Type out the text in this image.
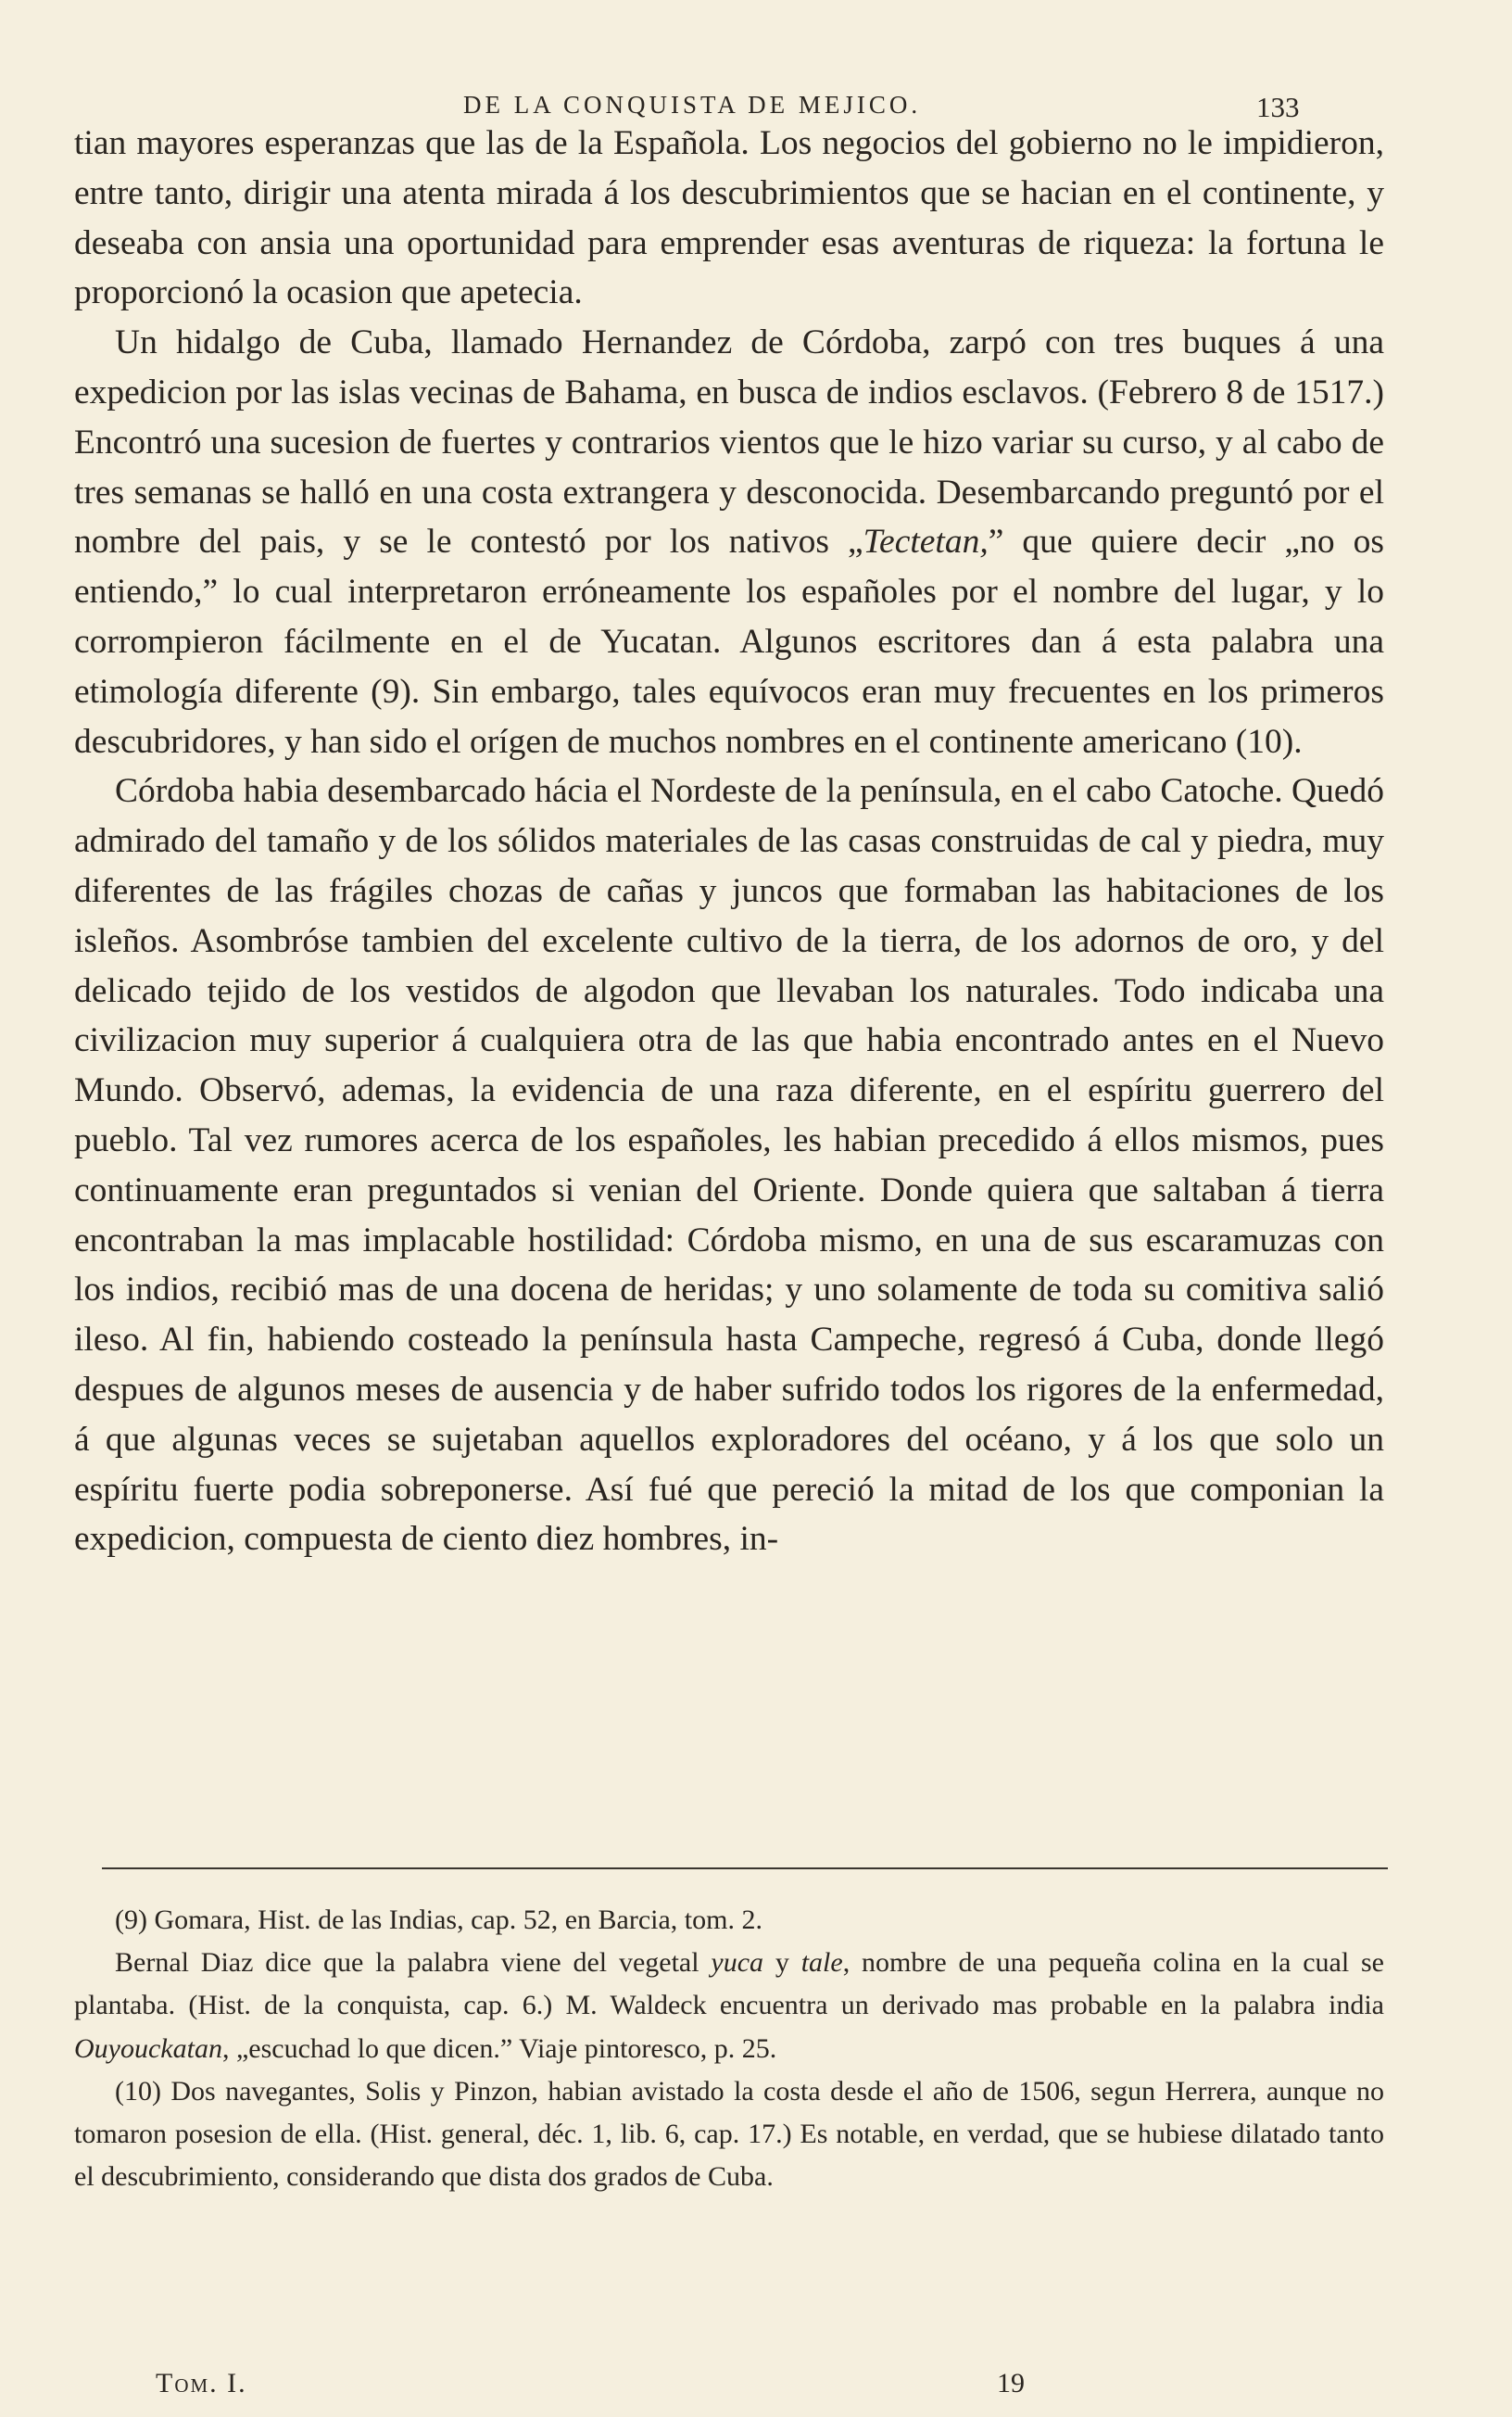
DE LA CONQUISTA DE MEJICO.	133

tian mayores esperanzas que las de la Española. Los negocios del gobierno no le impidieron, entre tanto, dirigir una atenta mirada á los descubrimientos que se hacian en el continente, y deseaba con ansia una oportunidad para emprender esas aventuras de riqueza: la fortuna le proporcionó la ocasion que apetecia.

Un hidalgo de Cuba, llamado Hernandez de Córdoba, zarpó con tres buques á una expedicion por las islas vecinas de Bahama, en busca de indios esclavos. (Febrero 8 de 1517.) Encontró una sucesion de fuertes y contrarios vientos que le hizo variar su curso, y al cabo de tres semanas se halló en una costa extrangera y desconocida. Desembarcando preguntó por el nombre del pais, y se le contestó por los nativos „Tectetan,” que quiere decir „no os entiendo,” lo cual interpretaron erróneamente los españoles por el nombre del lugar, y lo corrompieron fácilmente en el de Yucatan. Algunos escritores dan á esta palabra una etimología diferente (9). Sin embargo, tales equívocos eran muy frecuentes en los primeros descubridores, y han sido el orígen de muchos nombres en el continente americano (10).

Córdoba habia desembarcado hácia el Nordeste de la península, en el cabo Catoche. Quedó admirado del tamaño y de los sólidos materiales de las casas construidas de cal y piedra, muy diferentes de las frágiles chozas de cañas y juncos que formaban las habitaciones de los isleños. Asombróse tambien del excelente cultivo de la tierra, de los adornos de oro, y del delicado tejido de los vestidos de algodon que llevaban los naturales. Todo indicaba una civilizacion muy superior á cualquiera otra de las que habia encontrado antes en el Nuevo Mundo. Observó, ademas, la evidencia de una raza diferente, en el espíritu guerrero del pueblo. Tal vez rumores acerca de los españoles, les habian precedido á ellos mismos, pues continuamente eran preguntados si venian del Oriente. Donde quiera que saltaban á tierra encontraban la mas implacable hostilidad: Córdoba mismo, en una de sus escaramuzas con los indios, recibió mas de una docena de heridas; y uno solamente de toda su comitiva salió ileso. Al fin, habiendo costeado la península hasta Campeche, regresó á Cuba, donde llegó despues de algunos meses de ausencia y de haber sufrido todos los rigores de la enfermedad, á que algunas veces se sujetaban aquellos exploradores del océano, y á los que solo un espíritu fuerte podia sobreponerse. Así fué que pereció la mitad de los que componian la expedicion, compuesta de ciento diez hombres, in-

(9) Gomara, Hist. de las Indias, cap. 52, en Barcia, tom. 2.

Bernal Diaz dice que la palabra viene del vegetal yuca y tale, nombre de una pequeña colina en la cual se plantaba. (Hist. de la conquista, cap. 6.) M. Waldeck encuentra un derivado mas probable en la palabra india Ouyouckatan, „escuchad lo que dicen.” Viaje pintoresco, p. 25.

(10) Dos navegantes, Solis y Pinzon, habian avistado la costa desde el año de 1506, segun Herrera, aunque no tomaron posesion de ella. (Hist. general, déc. 1, lib. 6, cap. 17.) Es notable, en verdad, que se hubiese dilatado tanto el descubrimiento, considerando que dista dos grados de Cuba.

Tom. I.	19
